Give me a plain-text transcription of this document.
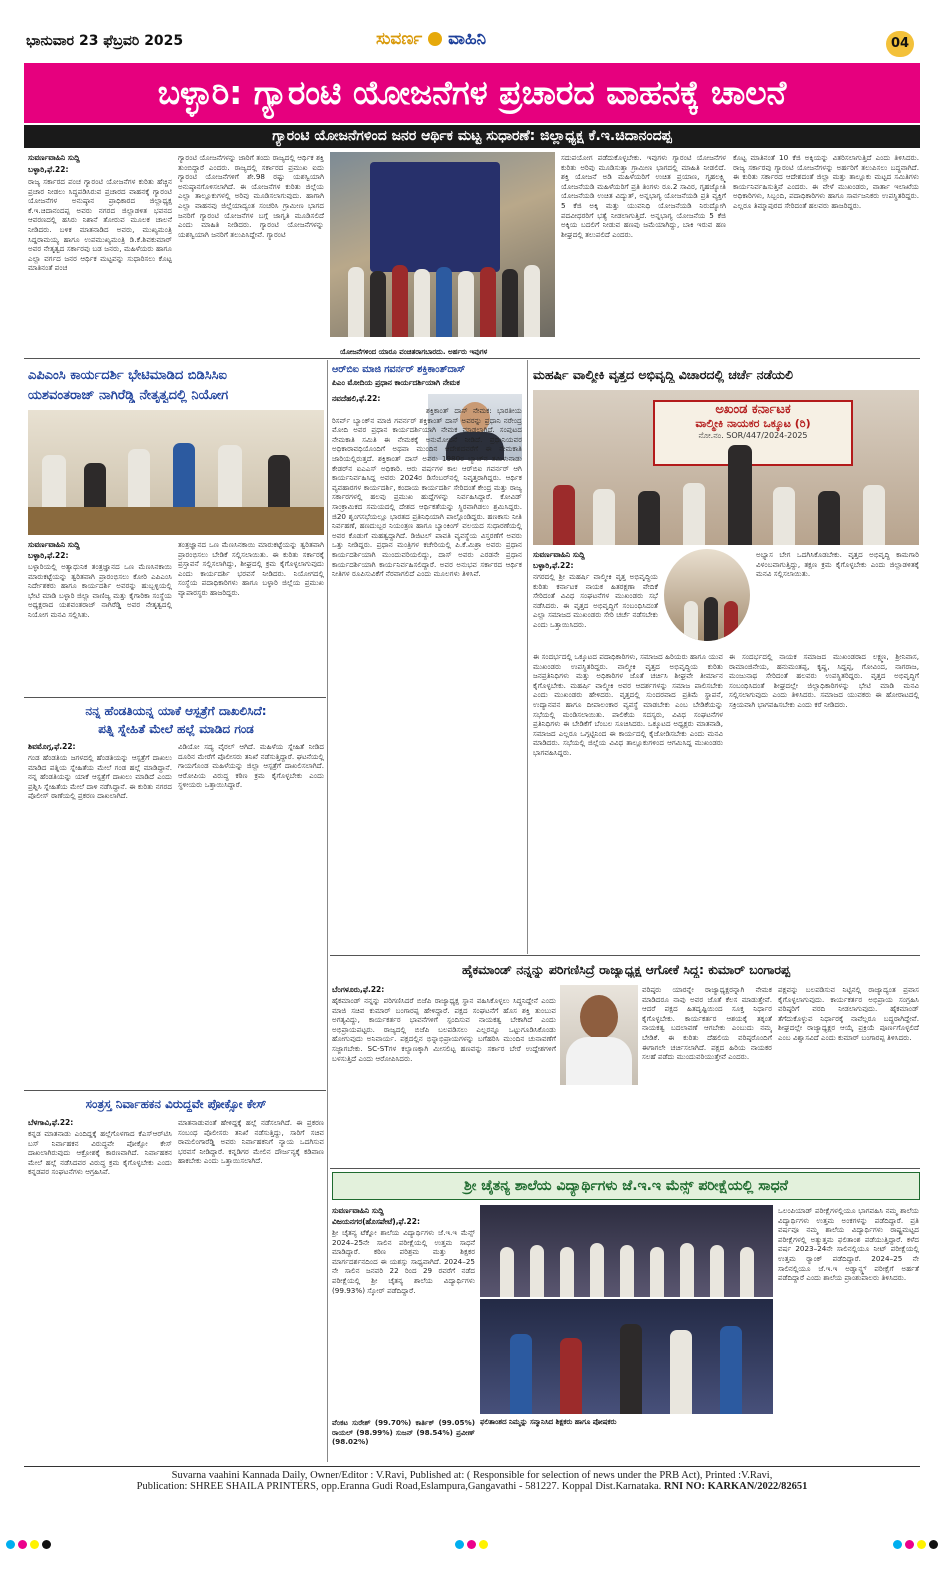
ಭಾನುವಾರ 23 ಫೆಬ್ರವರಿ 2025	ಸುವರ್ಣ ವಾಹಿನಿ	04
ಬಳ್ಳಾರಿ: ಗ್ಯಾರಂಟಿ ಯೋಜನೆಗಳ ಪ್ರಚಾರದ ವಾಹನಕ್ಕೆ ಚಾಲನೆ
ಗ್ಯಾರಂಟಿ ಯೋಜನೆಗಳಿಂದ ಜನರ ಆರ್ಥಿಕ ಮಟ್ಟ ಸುಧಾರಣೆ: ಜಿಲ್ಲಾಧ್ಯಕ್ಷ ಕೆ.ಇ.ಚಿದಾನಂದಪ್ಪ
ಸುವರ್ಣವಾಹಿನಿ ಸುದ್ದಿ
ಬಳ್ಳಾರಿ,ಫೆ.22:
ರಾಜ್ಯ ಸರ್ಕಾರದ ಪಂಚ ಗ್ಯಾರಂಟಿ ಯೋಜನೆಗಳ ಕುರಿತು ಹೆಚ್ಚಿನ ಪ್ರಚಾರ ನೀಡಲು ಸಿದ್ಧಪಡಿಸಿರುವ ಪ್ರಚಾರದ ವಾಹನಕ್ಕೆ ಗ್ಯಾರಂಟಿ ಯೋಜನೆಗಳ ಅನುಷ್ಠಾನ ಪ್ರಾಧಿಕಾರದ ಜಿಲ್ಲಾಧ್ಯಕ್ಷ ಕೆ.ಇ.ಚಿದಾನಂದಪ್ಪ ಅವರು ನಗರದ ಜಿಲ್ಲಾಡಳಿತ ಭವನದ ಆವರಣದಲ್ಲಿ ಹಸಿರು ನಿಶಾನೆ ತೋರುವ ಮೂಲಕ ಚಾಲನೆ ನೀಡಿದರು. ಬಳಿಕ ಮಾತನಾಡಿದ ಅವರು, ಮುಖ್ಯಮಂತ್ರಿ ಸಿದ್ದರಾಮಯ್ಯ ಹಾಗೂ ಉಪಮುಖ್ಯಮಂತ್ರಿ ಡಿ.ಕೆ.ಶಿವಕುಮಾರ್ ಅವರ ನೇತೃತ್ವದ ಸರ್ಕಾರವು ಬಡ ಜನರು, ಮಹಿಳೆಯರು ಹಾಗೂ ಎಲ್ಲಾ ವರ್ಗದ ಜನರ ಆರ್ಥಿಕ ಮಟ್ಟವನ್ನು ಸುಧಾರಿಸಲು ಕೊಟ್ಟ ಮಾತಿನಂತೆ ಪಂಚ
ಗ್ಯಾರಂಟಿ ಯೋಜನೆಗಳನ್ನು ಜಾರಿಗೆ ತಂದು ರಾಜ್ಯದಲ್ಲಿ ಆರ್ಥಿಕ ಶಕ್ತಿ ತುಂಬಿದ್ದಾರೆ ಎಂದರು. ರಾಜ್ಯದಲ್ಲಿ ಸರ್ಕಾರದ ಪ್ರಮುಖ ಐದು ಗ್ಯಾರಂಟಿ ಯೋಜನೆಗಳಿಗೆ ಶೇ.98 ರಷ್ಟು ಯಶಸ್ವಿಯಾಗಿ ಅನುಷ್ಠಾನಗೊಳಿಸಲಾಗಿದೆ. ಈ ಯೋಜನೆಗಳ ಕುರಿತು ಜಿಲ್ಲೆಯ ಎಲ್ಲಾ ತಾಲ್ಲೂಕುಗಳಲ್ಲಿ ಅರಿವು ಮೂಡಿಸಲಾಗುವುದು. ಹಾಗಾಗಿ ಎಲ್ಲಾ ವಾಹನವು ಜಿಲ್ಲೆಯಾದ್ಯಂತ ಸಂಚರಿಸಿ ಗ್ರಾಮೀಣ ಭಾಗದ ಜನರಿಗೆ ಗ್ಯಾರಂಟಿ ಯೋಜನೆಗಳ ಬಗ್ಗೆ ಜಾಗೃತಿ ಮೂಡಿಸಲಿದೆ ಎಂದು ಮಾಹಿತಿ ನೀಡಿದರು. ಗ್ಯಾರಂಟಿ ಯೋಜನೆಗಳನ್ನು ಯಶಸ್ವಿಯಾಗಿ ಜನರಿಗೆ ತಲುಪಿಸಿದ್ದೇವೆ. ಗ್ಯಾರಂಟಿ
ಯೋಜನೆಗಳಿಂದ ಯಾರೂ ವಂಚಿತರಾಗಬಾರದು. ಅರ್ಹರು ಇವುಗಳ
ಸದುಪಯೋಗ ಪಡೆದುಕೊಳ್ಳಬೇಕು. ಇವುಗಳು ಗ್ಯಾರಂಟಿ ಯೋಜನೆಗಳ ಕುರಿತು ಅರಿವು ಮೂಡಿಸುತ್ತಾ ಗ್ರಾಮೀಣ ಭಾಗದಲ್ಲಿ ಮಾಹಿತಿ ನೀಡಲಿದೆ. ಶಕ್ತಿ ಯೋಜನೆ ಅಡಿ ಮಹಿಳೆಯರಿಗೆ ಉಚಿತ ಪ್ರಯಾಣ, ಗೃಹಲಕ್ಷ್ಮಿ ಯೋಜನೆಯಡಿ ಮಹಿಳೆಯರಿಗೆ ಪ್ರತಿ ತಿಂಗಳು ರೂ.2 ಸಾವಿರ, ಗೃಹಜ್ಯೋತಿ ಯೋಜನೆಯಡಿ ಉಚಿತ ವಿದ್ಯುತ್, ಅನ್ನಭಾಗ್ಯ ಯೋಜನೆಯಡಿ ಪ್ರತಿ ವ್ಯಕ್ತಿಗೆ 5 ಕೆಜಿ ಅಕ್ಕಿ ಮತ್ತು ಯುವನಿಧಿ ಯೋಜನೆಯಡಿ ನಿರುದ್ಯೋಗಿ ಪದವೀಧರರಿಗೆ ಭತ್ಯೆ ನೀಡಲಾಗುತ್ತಿದೆ. ಅನ್ನಭಾಗ್ಯ ಯೋಜನೆಯ 5 ಕೆಜಿ ಅಕ್ಕಿಯ ಬದಲಿಗೆ ನೀಡುವ ಹಣವು ಜಮೆಯಾಗಿದ್ದು, ಬಾಕಿ ಇರುವ ಹಣ ಶೀಘ್ರದಲ್ಲಿ ತಲುಪಲಿದೆ ಎಂದರು.
ಕೊಟ್ಟ ಮಾತಿನಂತೆ 10 ಕೆಜಿ ಅಕ್ಕಿಯನ್ನು ವಿತರಿಸಲಾಗುತ್ತಿದೆ ಎಂದು ತಿಳಿಸಿದರು. ರಾಜ್ಯ ಸರ್ಕಾರವು ಗ್ಯಾರಂಟಿ ಯೋಜನೆಗಳನ್ನು ಅರ್ಹರಿಗೆ ತಲುಪಿಸಲು ಬದ್ಧವಾಗಿದೆ. ಈ ಕುರಿತು ಸರ್ಕಾರದ ಆದೇಶದಂತೆ ಜಿಲ್ಲಾ ಮತ್ತು ತಾಲ್ಲೂಕು ಮಟ್ಟದ ಸಮಿತಿಗಳು ಕಾರ್ಯನಿರ್ವಹಿಸುತ್ತಿವೆ ಎಂದರು. ಈ ವೇಳೆ ಮುಖಂಡರು, ವಾರ್ತಾ ಇಲಾಖೆಯ ಅಧಿಕಾರಿಗಳು, ಸಿಬ್ಬಂದಿ, ಪದಾಧಿಕಾರಿಗಳು ಹಾಗೂ ಸಾರ್ವಜನಿಕರು ಉಪಸ್ಥಿತರಿದ್ದರು. ಎಲ್ಲರೂ ತಿಮ್ಮಾಪುರದ ಸೇರಿದಂತೆ ಹಲವರು ಹಾಜರಿದ್ದರು.
ಎಪಿಎಂಸಿ ಕಾರ್ಯದರ್ಶಿ ಭೇಟಿಮಾಡಿದ ಬಿಡಿಸಿಸಿಐ
ಯಶವಂತರಾಜ್ ನಾಗಿರೆಡ್ಡಿ ನೇತೃತ್ವದಲ್ಲಿ ನಿಯೋಗ
ಸುವರ್ಣವಾಹಿನಿ ಸುದ್ದಿ
ಬಳ್ಳಾರಿ,ಫೆ.22:
ಬಳ್ಳಾರಿಯಲ್ಲಿ ಅತ್ಯಾಧುನಿಕ ತಂತ್ರಜ್ಞಾನದ ಒಣ ಮೆಣಸಿನಕಾಯಿ ಮಾರುಕಟ್ಟೆಯನ್ನು ತ್ವರಿತವಾಗಿ ಪ್ರಾರಂಭಿಸಲು ಕೋರಿ ಎಪಿಎಂಸಿ ನಿರ್ದೇಶಕರು ಹಾಗೂ ಕಾರ್ಯದರ್ಶಿ ಅವರನ್ನು ಹುಬ್ಬಳ್ಳಿಯಲ್ಲಿ ಭೇಟಿ ಮಾಡಿ ಬಳ್ಳಾರಿ ಜಿಲ್ಲಾ ವಾಣಿಜ್ಯ ಮತ್ತು ಕೈಗಾರಿಕಾ ಸಂಸ್ಥೆಯ ಅಧ್ಯಕ್ಷರಾದ ಯಶವಂತರಾಜ್ ನಾಗಿರೆಡ್ಡಿ ಅವರ ನೇತೃತ್ವದಲ್ಲಿ ನಿಯೋಗ ಮನವಿ ಸಲ್ಲಿಸಿತು.
ತಂತ್ರಜ್ಞಾನದ ಒಣ ಮೆಣಸಿನಕಾಯಿ ಮಾರುಕಟ್ಟೆಯನ್ನು ತ್ವರಿತವಾಗಿ ಪ್ರಾರಂಭಿಸಲು ಬೇಡಿಕೆ ಸಲ್ಲಿಸಲಾಯಿತು. ಈ ಕುರಿತು ಸರ್ಕಾರಕ್ಕೆ ಪ್ರಸ್ತಾವನೆ ಸಲ್ಲಿಸಲಾಗಿದ್ದು, ಶೀಘ್ರದಲ್ಲಿ ಕ್ರಮ ಕೈಗೊಳ್ಳಲಾಗುವುದು ಎಂದು ಕಾರ್ಯದರ್ಶಿ ಭರವಸೆ ನೀಡಿದರು. ನಿಯೋಗದಲ್ಲಿ ಸಂಸ್ಥೆಯ ಪದಾಧಿಕಾರಿಗಳು ಹಾಗೂ ಬಳ್ಳಾರಿ ಜಿಲ್ಲೆಯ ಪ್ರಮುಖ ವ್ಯಾಪಾರಸ್ಥರು ಹಾಜರಿದ್ದರು.
ನನ್ನ ಹೆಂಡತಿಯನ್ನ ಯಾಕೆ ಆಸ್ಪತ್ರೆಗೆ ದಾಖಲಿಸಿದೆ:
ಪತ್ನಿ ಸ್ನೇಹಿತೆ ಮೇಲೆ ಹಲ್ಲೆ ಮಾಡಿದ ಗಂಡ
ಶಿವಮೊಗ್ಗ,ಫೆ.22:
ಗಂಡ ಹೆಂಡತಿಯ ಜಗಳದಲ್ಲಿ ಹೆಂಡತಿಯನ್ನು ಆಸ್ಪತ್ರೆಗೆ ದಾಖಲು ಮಾಡಿದ ಪತ್ನಿಯ ಸ್ನೇಹಿತೆಯ ಮೇಲೆ ಗಂಡ ಹಲ್ಲೆ ಮಾಡಿದ್ದಾನೆ. ನನ್ನ ಹೆಂಡತಿಯನ್ನು ಯಾಕೆ ಆಸ್ಪತ್ರೆಗೆ ದಾಖಲು ಮಾಡಿದೆ ಎಂದು ಪ್ರಶ್ನಿಸಿ ಸ್ನೇಹಿತೆಯ ಮೇಲೆ ದಾಳಿ ನಡೆಸಿದ್ದಾನೆ. ಈ ಕುರಿತು ನಗರದ ಪೊಲೀಸ್ ಠಾಣೆಯಲ್ಲಿ ಪ್ರಕರಣ ದಾಖಲಾಗಿದೆ.
ವಿಡಿಯೋ ಸದ್ಯ ವೈರಲ್ ಆಗಿದೆ. ಮಹಿಳೆಯ ಸ್ನೇಹಿತೆ ನೀಡಿದ ದೂರಿನ ಮೇರೆಗೆ ಪೊಲೀಸರು ತನಿಖೆ ನಡೆಸುತ್ತಿದ್ದಾರೆ. ಘಟನೆಯಲ್ಲಿ ಗಾಯಗೊಂಡ ಮಹಿಳೆಯನ್ನು ಜಿಲ್ಲಾ ಆಸ್ಪತ್ರೆಗೆ ದಾಖಲಿಸಲಾಗಿದೆ. ಆರೋಪಿಯ ವಿರುದ್ಧ ಕಠಿಣ ಕ್ರಮ ಕೈಗೊಳ್ಳಬೇಕು ಎಂದು ಸ್ಥಳೀಯರು ಒತ್ತಾಯಿಸಿದ್ದಾರೆ.
ಸಂತ್ರಸ್ತ ನಿರ್ವಾಹಕನ ವಿರುದ್ಧವೇ ಪೋಕ್ಸೋ ಕೇಸ್
ಬೆಳಗಾವಿ,ಫೆ.22:
ಕನ್ನಡ ಮಾತನಾಡು ಎಂದಿದ್ದಕ್ಕೆ ಹಲ್ಲೆಗೊಳಗಾದ ಕೆಎಸ್ಆರ್‌ಟಿಸಿ ಬಸ್ ನಿರ್ವಾಹಕನ ವಿರುದ್ಧವೇ ಪೋಕ್ಸೋ ಕೇಸ್ ದಾಖಲಾಗಿರುವುದು ಆಕ್ರೋಶಕ್ಕೆ ಕಾರಣವಾಗಿದೆ. ನಿರ್ವಾಹಕನ ಮೇಲೆ ಹಲ್ಲೆ ನಡೆಸಿದವರ ವಿರುದ್ಧ ಕ್ರಮ ಕೈಗೊಳ್ಳಬೇಕು ಎಂದು ಕನ್ನಡಪರ ಸಂಘಟನೆಗಳು ಆಗ್ರಹಿಸಿವೆ.
ಮಾತನಾಡುವಂತೆ ಹೇಳಿದ್ದಕ್ಕೆ ಹಲ್ಲೆ ನಡೆಸಲಾಗಿದೆ. ಈ ಪ್ರಕರಣ ಸಂಬಂಧ ಪೊಲೀಸರು ತನಿಖೆ ನಡೆಸುತ್ತಿದ್ದು, ಸಾರಿಗೆ ಸಚಿವ ರಾಮಲಿಂಗಾರೆಡ್ಡಿ ಅವರು ನಿರ್ವಾಹಕನಿಗೆ ನ್ಯಾಯ ಒದಗಿಸುವ ಭರವಸೆ ನೀಡಿದ್ದಾರೆ. ಕನ್ನಡಿಗರ ಮೇಲಿನ ದೌರ್ಜನ್ಯಕ್ಕೆ ಕಡಿವಾಣ ಹಾಕಬೇಕು ಎಂದು ಒತ್ತಾಯಿಸಲಾಗಿದೆ.
ಆರ್‌ಬಿಐ ಮಾಜಿ ಗವರ್ನರ್ ಶಕ್ತಿಕಾಂತ್‌ದಾಸ್
ಪಿಎಂ ಮೋದಿಯ ಪ್ರಧಾನ ಕಾರ್ಯದರ್ಶಿಯಾಗಿ ನೇಮಕ
ನವದೆಹಲಿ,ಫೆ.22:
ಶಕ್ತಿಕಾಂತ್ ದಾಸ್ ನೇಮಕ: ಭಾರತೀಯ ರಿಸರ್ವ್ ಬ್ಯಾಂಕ್‌ನ ಮಾಜಿ ಗವರ್ನರ್ ಶಕ್ತಿಕಾಂತ್ ದಾಸ್ ಅವರನ್ನು ಪ್ರಧಾನಿ ನರೇಂದ್ರ ಮೋದಿ ಅವರ ಪ್ರಧಾನ ಕಾರ್ಯದರ್ಶಿಯಾಗಿ ನೇಮಕ ಮಾಡಲಾಗಿದೆ. ಸಂಪುಟದ ನೇಮಕಾತಿ ಸಮಿತಿ ಈ ನೇಮಕಕ್ಕೆ ಅನುಮೋದನೆ ನೀಡಿದೆ. ಪ್ರಧಾನಿಯವರ ಅಧಿಕಾರಾವಧಿಯೊಂದಿಗೆ ಅಥವಾ ಮುಂದಿನ ಆದೇಶದವರೆಗೆ ಈ ನೇಮಕಾತಿ ಜಾರಿಯಲ್ಲಿರುತ್ತದೆ. ಶಕ್ತಿಕಾಂತ್ ದಾಸ್ ಅವರು 1980ರ ಬ್ಯಾಚ್‌ನ ತಮಿಳುನಾಡು ಕೇಡರ್‌ನ ಐಎಎಸ್ ಅಧಿಕಾರಿ. ಆರು ವರ್ಷಗಳ ಕಾಲ ಆರ್‌ಬಿಐ ಗವರ್ನರ್ ಆಗಿ ಕಾರ್ಯನಿರ್ವಹಿಸಿದ್ದ ಅವರು 2024ರ ಡಿಸೆಂಬರ್‌ನಲ್ಲಿ ನಿವೃತ್ತರಾಗಿದ್ದರು. ಆರ್ಥಿಕ ವ್ಯವಹಾರಗಳ ಕಾರ್ಯದರ್ಶಿ, ಕಂದಾಯ ಕಾರ್ಯದರ್ಶಿ ಸೇರಿದಂತೆ ಕೇಂದ್ರ ಮತ್ತು ರಾಜ್ಯ ಸರ್ಕಾರಗಳಲ್ಲಿ ಹಲವು ಪ್ರಮುಖ ಹುದ್ದೆಗಳನ್ನು ನಿರ್ವಹಿಸಿದ್ದಾರೆ. ಕೋವಿಡ್ ಸಾಂಕ್ರಾಮಿಕದ ಸಮಯದಲ್ಲಿ ದೇಶದ ಆರ್ಥಿಕತೆಯನ್ನು ಸ್ಥಿರವಾಗಿಡಲು ಶ್ರಮಿಸಿದ್ದರು. ಜಿ20 ಶೃಂಗಸಭೆಯಲ್ಲೂ ಭಾರತದ ಪ್ರತಿನಿಧಿಯಾಗಿ ಪಾಲ್ಗೊಂಡಿದ್ದರು. ಹಣಕಾಸು ನೀತಿ ನಿರ್ವಹಣೆ, ಹಣದುಬ್ಬರ ನಿಯಂತ್ರಣ ಹಾಗೂ ಬ್ಯಾಂಕಿಂಗ್ ವಲಯದ ಸುಧಾರಣೆಯಲ್ಲಿ ಅವರ ಕೊಡುಗೆ ಮಹತ್ವದ್ದಾಗಿದೆ. ಡಿಜಿಟಲ್ ಪಾವತಿ ವ್ಯವಸ್ಥೆಯ ವಿಸ್ತರಣೆಗೆ ಅವರು ಒತ್ತು ನೀಡಿದ್ದರು. ಪ್ರಧಾನ ಮಂತ್ರಿಗಳ ಕಚೇರಿಯಲ್ಲಿ ಪಿ.ಕೆ.ಮಿಶ್ರಾ ಅವರು ಪ್ರಧಾನ ಕಾರ್ಯದರ್ಶಿಯಾಗಿ ಮುಂದುವರಿಯಲಿದ್ದು, ದಾಸ್ ಅವರು ಎರಡನೇ ಪ್ರಧಾನ ಕಾರ್ಯದರ್ಶಿಯಾಗಿ ಕಾರ್ಯನಿರ್ವಹಿಸಲಿದ್ದಾರೆ. ಅವರ ಅನುಭವ ಸರ್ಕಾರದ ಆರ್ಥಿಕ ನೀತಿಗಳ ರೂಪಿಸುವಿಕೆಗೆ ನೆರವಾಗಲಿದೆ ಎಂದು ಮೂಲಗಳು ತಿಳಿಸಿವೆ.
ಮಹರ್ಷಿ ವಾಲ್ಮೀಕಿ ವೃತ್ತದ ಅಭಿವೃದ್ಧಿ ವಿಚಾರದಲ್ಲಿ ಚರ್ಚೆ ನಡೆಯಲಿ
ಅಖಂಡ ಕರ್ನಾಟಕ
ವಾಲ್ಮೀಕಿ ನಾಯಕರ ಒಕ್ಕೂಟ (ರಿ)
ನೋ.ನಂ. SOR/447/2024-2025
ಸುವರ್ಣವಾಹಿನಿ ಸುದ್ದಿ
ಬಳ್ಳಾರಿ,ಫೆ.22:
ನಗರದಲ್ಲಿ ಶ್ರೀ ಮಹರ್ಷಿ ವಾಲ್ಮೀಕಿ ವೃತ್ತ ಅಭಿವೃದ್ಧಿಯ ಕುರಿತು ಕರ್ನಾಟಕ ನಾಯಕ ಹಿತರಕ್ಷಣಾ ವೇದಿಕೆ ಸೇರಿದಂತೆ ವಿವಿಧ ಸಂಘಟನೆಗಳ ಮುಖಂಡರು ಸಭೆ ನಡೆಸಿದರು. ಈ ವೃತ್ತದ ಅಭಿವೃದ್ಧಿಗೆ ಸಂಬಂಧಿಸಿದಂತೆ ಎಲ್ಲಾ ಸಮಾಜದ ಮುಖಂಡರು ಸೇರಿ ಚರ್ಚೆ ನಡೆಸಬೇಕು ಎಂದು ಒತ್ತಾಯಿಸಿದರು.
ಅಭ್ಯಾಸ ಬೇಗ ಒದಗಿಸಿಕೊಡಬೇಕು. ವೃತ್ತದ ಅಭಿವೃದ್ಧಿ ಕಾಮಗಾರಿ ವಿಳಂಬವಾಗುತ್ತಿದ್ದು, ತಕ್ಷಣ ಕ್ರಮ ಕೈಗೊಳ್ಳಬೇಕು ಎಂದು ಜಿಲ್ಲಾಡಳಿತಕ್ಕೆ ಮನವಿ ಸಲ್ಲಿಸಲಾಯಿತು.
ಈ ಸಂದರ್ಭದಲ್ಲಿ ಒಕ್ಕೂಟದ ಪದಾಧಿಕಾರಿಗಳು, ಸಮಾಜದ ಹಿರಿಯರು ಹಾಗೂ ಯುವ ಮುಖಂಡರು ಉಪಸ್ಥಿತರಿದ್ದರು. ವಾಲ್ಮೀಕಿ ವೃತ್ತದ ಅಭಿವೃದ್ಧಿಯ ಕುರಿತು ಜನಪ್ರತಿನಿಧಿಗಳು ಮತ್ತು ಅಧಿಕಾರಿಗಳ ಜೊತೆ ಚರ್ಚಿಸಿ ಶೀಘ್ರವೇ ತೀರ್ಮಾನ ಕೈಗೊಳ್ಳಬೇಕು. ಮಹರ್ಷಿ ವಾಲ್ಮೀಕಿ ಅವರ ಆದರ್ಶಗಳನ್ನು ಸಮಾಜ ಪಾಲಿಸಬೇಕು ಎಂದು ಮುಖಂಡರು ಹೇಳಿದರು. ವೃತ್ತದಲ್ಲಿ ಸುಂದರವಾದ ಪ್ರತಿಮೆ ಸ್ಥಾಪನೆ, ಉದ್ಯಾನವನ ಹಾಗೂ ದೀಪಾಲಂಕಾರ ವ್ಯವಸ್ಥೆ ಮಾಡಬೇಕು ಎಂಬ ಬೇಡಿಕೆಯನ್ನು ಸಭೆಯಲ್ಲಿ ಮಂಡಿಸಲಾಯಿತು. ಪಾಲಿಕೆಯ ಸದಸ್ಯರು, ವಿವಿಧ ಸಂಘಟನೆಗಳ ಪ್ರತಿನಿಧಿಗಳು ಈ ಬೇಡಿಕೆಗೆ ಬೆಂಬಲ ಸೂಚಿಸಿದರು. ಒಕ್ಕೂಟದ ಅಧ್ಯಕ್ಷರು ಮಾತನಾಡಿ, ಸಮಾಜದ ಎಲ್ಲರೂ ಒಗ್ಗಟ್ಟಿನಿಂದ ಈ ಕಾರ್ಯದಲ್ಲಿ ಕೈಜೋಡಿಸಬೇಕು ಎಂದು ಮನವಿ ಮಾಡಿದರು. ಸಭೆಯಲ್ಲಿ ಜಿಲ್ಲೆಯ ವಿವಿಧ ತಾಲ್ಲೂಕುಗಳಿಂದ ಆಗಮಿಸಿದ್ದ ಮುಖಂಡರು ಭಾಗವಹಿಸಿದ್ದರು.
ಈ ಸಂದರ್ಭದಲ್ಲಿ ನಾಯಕ ಸಮಾಜದ ಮುಖಂಡರಾದ ಲಕ್ಷ್ಮಣ, ಶ್ರೀನಿವಾಸ, ರಾಮಾಂಜಿನೇಯ, ಹನುಮಂತಪ್ಪ, ಕೃಷ್ಣ, ಸಿದ್ದಪ್ಪ, ಗೋವಿಂದ, ನಾಗರಾಜ, ಮಂಜುನಾಥ ಸೇರಿದಂತೆ ಹಲವರು ಉಪಸ್ಥಿತರಿದ್ದರು. ವೃತ್ತದ ಅಭಿವೃದ್ಧಿಗೆ ಸಂಬಂಧಿಸಿದಂತೆ ಶೀಘ್ರದಲ್ಲೇ ಜಿಲ್ಲಾಧಿಕಾರಿಗಳನ್ನು ಭೇಟಿ ಮಾಡಿ ಮನವಿ ಸಲ್ಲಿಸಲಾಗುವುದು ಎಂದು ತಿಳಿಸಿದರು. ಸಮಾಜದ ಯುವಕರು ಈ ಹೋರಾಟದಲ್ಲಿ ಸಕ್ರಿಯವಾಗಿ ಭಾಗವಹಿಸಬೇಕು ಎಂದು ಕರೆ ನೀಡಿದರು.
ಹೈಕಮಾಂಡ್ ನನ್ನನ್ನು ಪರಿಗಣಿಸಿದ್ರೆ ರಾಜ್ಯಾಧ್ಯಕ್ಷ ಆಗೋಕೆ ಸಿದ್ಧ: ಕುಮಾರ್ ಬಂಗಾರಪ್ಪ
ಬೆಂಗಳೂರು,ಫೆ.22:
ಹೈಕಮಾಂಡ್ ನನ್ನನ್ನು ಪರಿಗಣಿಸಿದರೆ ಬಿಜೆಪಿ ರಾಜ್ಯಾಧ್ಯಕ್ಷ ಸ್ಥಾನ ವಹಿಸಿಕೊಳ್ಳಲು ಸಿದ್ಧನಿದ್ದೇನೆ ಎಂದು ಮಾಜಿ ಸಚಿವ ಕುಮಾರ್ ಬಂಗಾರಪ್ಪ ಹೇಳಿದ್ದಾರೆ. ಪಕ್ಷದ ಸಂಘಟನೆಗೆ ಹೊಸ ಶಕ್ತಿ ತುಂಬುವ ಅಗತ್ಯವಿದ್ದು, ಕಾರ್ಯಕರ್ತರ ಭಾವನೆಗಳಿಗೆ ಸ್ಪಂದಿಸುವ ನಾಯಕತ್ವ ಬೇಕಾಗಿದೆ ಎಂದು ಅಭಿಪ್ರಾಯಪಟ್ಟರು. ರಾಜ್ಯದಲ್ಲಿ ಬಿಜೆಪಿ ಬಲಪಡಿಸಲು ಎಲ್ಲರನ್ನೂ ಒಟ್ಟುಗೂಡಿಸಿಕೊಂಡು ಹೋಗುವುದು ಅನಿವಾರ್ಯ. ಪಕ್ಷದಲ್ಲಿನ ಭಿನ್ನಾಭಿಪ್ರಾಯಗಳನ್ನು ಬಗೆಹರಿಸಿ ಮುಂದಿನ ಚುನಾವಣೆಗೆ ಸಜ್ಜಾಗಬೇಕು. SC-STಗಳ ಕಲ್ಯಾಣಕ್ಕಾಗಿ ಮೀಸಲಿಟ್ಟ ಹಣವನ್ನು ಸರ್ಕಾರ ಬೇರೆ ಉದ್ದೇಶಗಳಿಗೆ ಬಳಸುತ್ತಿದೆ ಎಂದು ಆರೋಪಿಸಿದರು.
ವರಿಷ್ಠರು ಯಾರನ್ನೇ ರಾಜ್ಯಾಧ್ಯಕ್ಷರನ್ನಾಗಿ ನೇಮಕ ಮಾಡಿದರೂ ನಾವು ಅವರ ಜೊತೆ ಕೆಲಸ ಮಾಡುತ್ತೇವೆ. ಆದರೆ ಪಕ್ಷದ ಹಿತದೃಷ್ಟಿಯಿಂದ ಸೂಕ್ತ ನಿರ್ಧಾರ ಕೈಗೊಳ್ಳಬೇಕು. ಕಾರ್ಯಕರ್ತರ ಆಶಯಕ್ಕೆ ತಕ್ಕಂತೆ ನಾಯಕತ್ವ ಬದಲಾವಣೆ ಆಗಬೇಕು ಎಂಬುದು ನಮ್ಮ ಬೇಡಿಕೆ. ಈ ಕುರಿತು ದೆಹಲಿಯ ವರಿಷ್ಠರೊಂದಿಗೆ ಈಗಾಗಲೇ ಚರ್ಚಿಸಲಾಗಿದೆ. ಪಕ್ಷದ ಹಿರಿಯ ನಾಯಕರ ಸಲಹೆ ಪಡೆದು ಮುಂದುವರಿಯುತ್ತೇವೆ ಎಂದರು.
ಪಕ್ಷವನ್ನು ಬಲಪಡಿಸುವ ನಿಟ್ಟಿನಲ್ಲಿ ರಾಜ್ಯಾದ್ಯಂತ ಪ್ರವಾಸ ಕೈಗೊಳ್ಳಲಾಗುವುದು. ಕಾರ್ಯಕರ್ತರ ಅಭಿಪ್ರಾಯ ಸಂಗ್ರಹಿಸಿ ವರಿಷ್ಠರಿಗೆ ವರದಿ ನೀಡಲಾಗುವುದು. ಹೈಕಮಾಂಡ್ ತೆಗೆದುಕೊಳ್ಳುವ ನಿರ್ಧಾರಕ್ಕೆ ನಾವೆಲ್ಲರೂ ಬದ್ಧರಾಗಿದ್ದೇವೆ. ಶೀಘ್ರದಲ್ಲೇ ರಾಜ್ಯಾಧ್ಯಕ್ಷರ ಆಯ್ಕೆ ಪ್ರಕ್ರಿಯೆ ಪೂರ್ಣಗೊಳ್ಳಲಿದೆ ಎಂಬ ವಿಶ್ವಾಸವಿದೆ ಎಂದು ಕುಮಾರ್ ಬಂಗಾರಪ್ಪ ತಿಳಿಸಿದರು.
ಶ್ರೀ ಚೈತನ್ಯ ಶಾಲೆಯ ವಿದ್ಯಾರ್ಥಿಗಳು ಜೆ.ಇ.ಇ ಮೆನ್ಸ್ ಪರೀಕ್ಷೆಯಲ್ಲಿ ಸಾಧನೆ
ಸುವರ್ಣವಾಹಿನಿ ಸುದ್ದಿ
ವಿಜಯನಗರ(ಹೊಸಪೇಟೆ),ಫೆ.22:
ಶ್ರೀ ಚೈತನ್ಯ ಟೆಕ್ನೋ ಶಾಲೆಯ ವಿದ್ಯಾರ್ಥಿಗಳು ಜೆ.ಇ.ಇ ಮೆನ್ಸ್ 2024–25ನೇ ಸಾಲಿನ ಪರೀಕ್ಷೆಯಲ್ಲಿ ಉತ್ತಮ ಸಾಧನೆ ಮಾಡಿದ್ದಾರೆ. ಕಠಿಣ ಪರಿಶ್ರಮ ಮತ್ತು ಶಿಕ್ಷಕರ ಮಾರ್ಗದರ್ಶನದಿಂದ ಈ ಯಶಸ್ಸು ಸಾಧ್ಯವಾಗಿದೆ. 2024–25 ನೇ ಸಾಲಿನ ಜನವರಿ 22 ರಿಂದ 29 ರವರೆಗೆ ನಡೆದ ಪರೀಕ್ಷೆಯಲ್ಲಿ ಶ್ರೀ ಚೈತನ್ಯ ಶಾಲೆಯ ವಿದ್ಯಾರ್ಥಿಗಳು (99.93%) ಸ್ಕೋರ್ ಪಡೆದಿದ್ದಾರೆ.
ವೆಂಕಟ ಸುರೇಶ್ (99.70%) ಕಾರ್ತಿಕ್ (99.05%) ರಾಯಲ್ (98.99%) ಸುಜನ್ (98.54%) ಪ್ರವೀಣ್ (98.02%)
ಫಲಿತಾಂಶದ ನಿಮ್ಮನ್ನು ಸನ್ಮಾನಿಸಿದ ಶಿಕ್ಷಕರು ಹಾಗೂ ಪೋಷಕರು
ಒಲಂಪಿಯಾಡ್ ಪರೀಕ್ಷೆಗಳಲ್ಲಿಯೂ ಭಾಗವಹಿಸಿ ನಮ್ಮ ಶಾಲೆಯ ವಿದ್ಯಾರ್ಥಿಗಳು ಉತ್ತಮ ಅಂಕಗಳನ್ನು ಪಡೆದಿದ್ದಾರೆ. ಪ್ರತಿ ವರ್ಷವೂ ನಮ್ಮ ಶಾಲೆಯ ವಿದ್ಯಾರ್ಥಿಗಳು ರಾಷ್ಟ್ರಮಟ್ಟದ ಪರೀಕ್ಷೆಗಳಲ್ಲಿ ಅತ್ಯುತ್ತಮ ಫಲಿತಾಂಶ ಪಡೆಯುತ್ತಿದ್ದಾರೆ. ಕಳೆದ ವರ್ಷ 2023–24ನೇ ಸಾಲಿನಲ್ಲಿಯೂ ನೀಟ್ ಪರೀಕ್ಷೆಯಲ್ಲಿ ಉತ್ತಮ ರ‍್ಯಾಂಕ್ ಪಡೆದಿದ್ದಾರೆ. 2024–25 ನೇ ಸಾಲಿನಲ್ಲಿಯೂ ಜೆ.ಇ.ಇ ಅಡ್ವಾನ್ಸ್ಡ್ ಪರೀಕ್ಷೆಗೆ ಅರ್ಹತೆ ಪಡೆದಿದ್ದಾರೆ ಎಂದು ಶಾಲೆಯ ಪ್ರಾಂಶುಪಾಲರು ತಿಳಿಸಿದರು.
Suvarna vaahini Kannada Daily, Owner/Editor : V.Ravi, Published at: ( Responsible for selection of news under the PRB Act), Printed :V.Ravi,
Publication: SHREE SHAILA PRINTERS, opp.Eranna Gudi Road,Eslampura,Gangavathi - 581227. Koppal Dist.Karnataka. RNI NO: KARKAN/2022/82651
